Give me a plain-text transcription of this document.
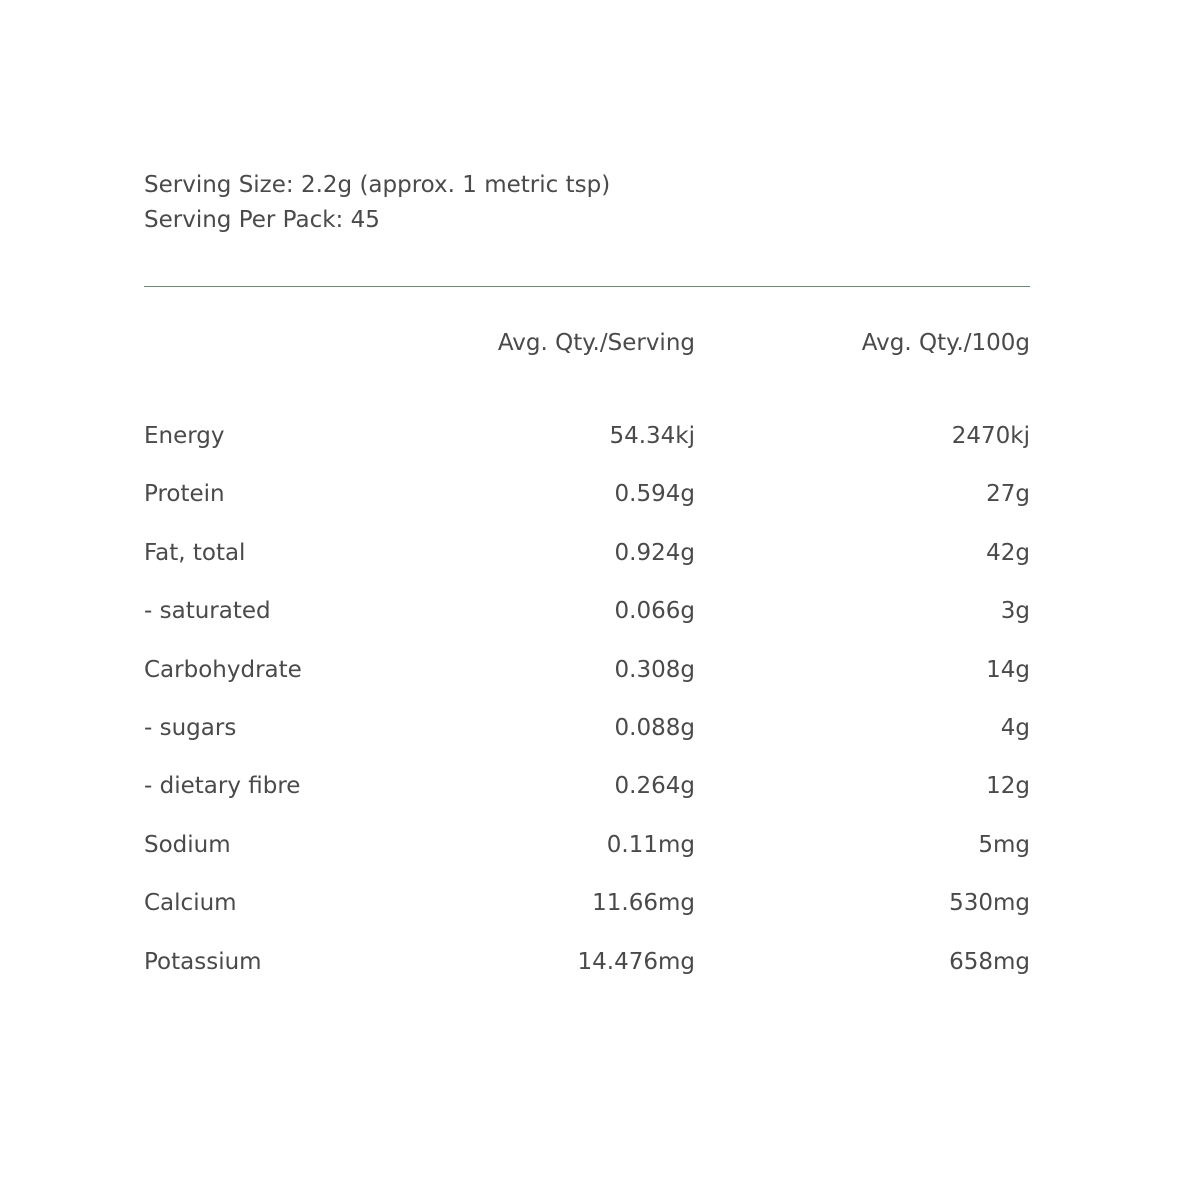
Serving Size: 2.2g (approx. 1 metric tsp)
Serving Per Pack: 45
	Avg. Qty./Serving	Avg. Qty./100g
Energy	54.34kj	2470kj
Protein	0.594g	27g
Fat, total	0.924g	42g
- saturated	0.066g	3g
Carbohydrate	0.308g	14g
- sugars	0.088g	4g
- dietary fibre	0.264g	12g
Sodium	0.11mg	5mg
Calcium	11.66mg	530mg
Potassium	14.476mg	658mg
